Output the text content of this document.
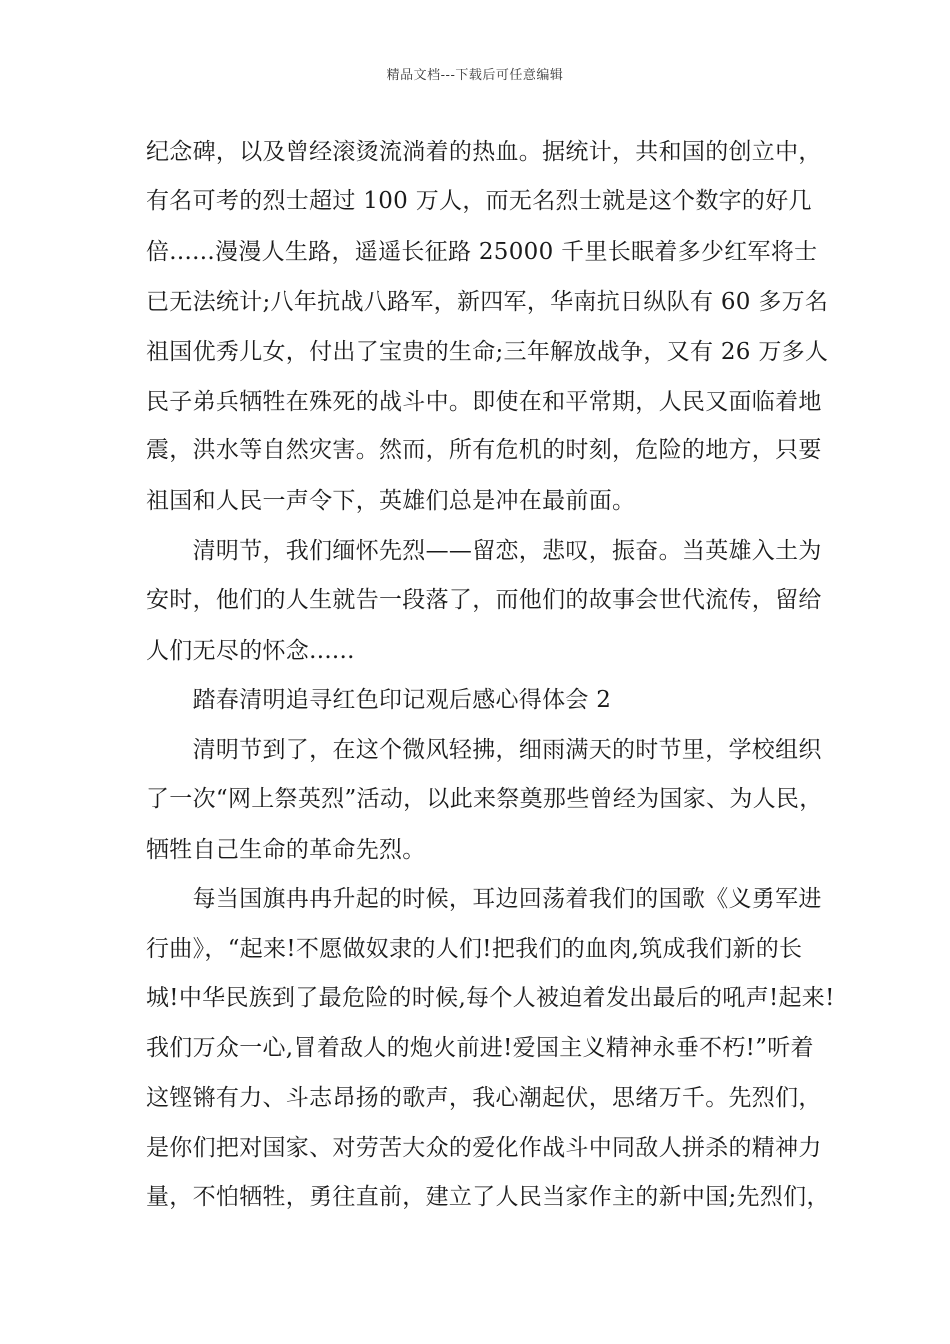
精品文档---下载后可任意编辑
纪念碑，以及曾经滚烫流淌着的热血。据统计，共和国的创立中，
有名可考的烈士超过 100 万人，而无名烈士就是这个数字的好几
倍......漫漫人生路，遥遥长征路 25000 千里长眠着多少红军将士
已无法统计;八年抗战八路军，新四军，华南抗日纵队有 60 多万名
祖国优秀儿女，付出了宝贵的生命;三年解放战争，又有 26 万多人
民子弟兵牺牲在殊死的战斗中。即使在和平常期，人民又面临着地
震，洪水等自然灾害。然而，所有危机的时刻，危险的地方，只要
祖国和人民一声令下，英雄们总是冲在最前面。
　　清明节，我们缅怀先烈——留恋，悲叹，振奋。当英雄入土为
安时，他们的人生就告一段落了，而他们的故事会世代流传，留给
人们无尽的怀念......
　　踏春清明追寻红色印记观后感心得体会 2
　　清明节到了，在这个微风轻拂，细雨满天的时节里，学校组织
了一次“网上祭英烈”活动，以此来祭奠那些曾经为国家、为人民，
牺牲自己生命的革命先烈。
　　每当国旗冉冉升起的时候，耳边回荡着我们的国歌《义勇军进
行曲》，“起来!不愿做奴隶的人们!把我们的血肉,筑成我们新的长
城!中华民族到了最危险的时候,每个人被迫着发出最后的吼声!起来!
我们万众一心,冒着敌人的炮火前进!爱国主义精神永垂不朽!”听着
这铿锵有力、斗志昂扬的歌声，我心潮起伏，思绪万千。先烈们，
是你们把对国家、对劳苦大众的爱化作战斗中同敌人拼杀的精神力
量，不怕牺牲，勇往直前，建立了人民当家作主的新中国;先烈们，
